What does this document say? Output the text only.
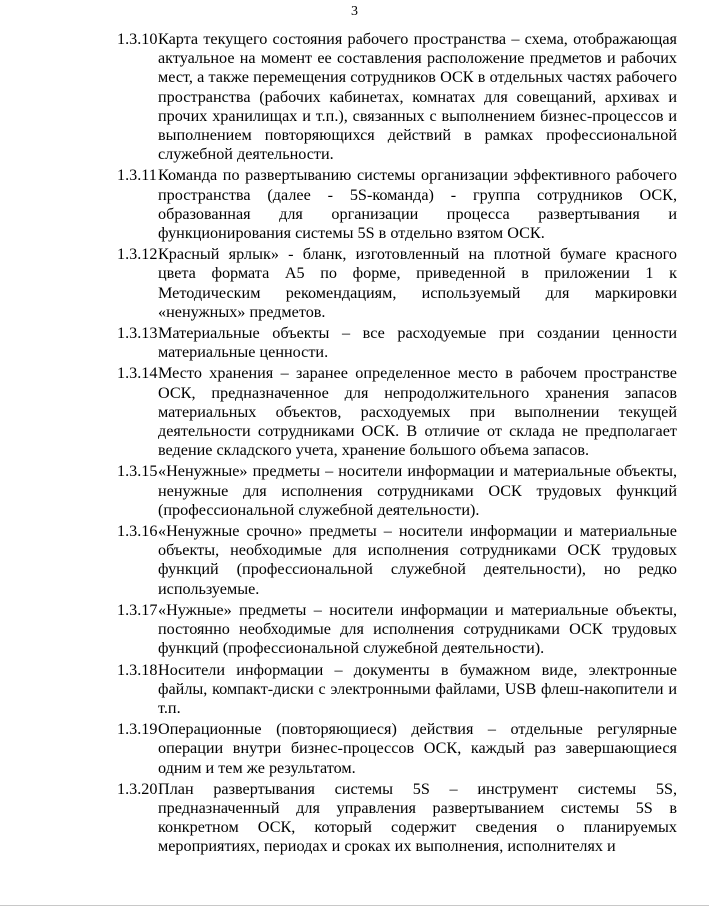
3
1.3.10 Карта текущего состояния рабочего пространства – схема, отображающая актуальное на момент ее составления расположение предметов и рабочих мест, а также перемещения сотрудников ОСК в отдельных частях рабочего пространства (рабочих кабинетах, комнатах для совещаний, архивах и прочих хранилищах и т.п.), связанных с выполнением бизнес-процессов и выполнением повторяющихся действий в рамках профессиональной служебной деятельности.
1.3.11 Команда по развертыванию системы организации эффективного рабочего пространства (далее - 5S-команда) - группа сотрудников ОСК, образованная для организации процесса развертывания и функционирования системы 5S в отдельно взятом ОСК.
1.3.12 Красный ярлык» - бланк, изготовленный на плотной бумаге красного цвета формата А5 по форме, приведенной в приложении 1 к Методическим рекомендациям, используемый для маркировки «ненужных» предметов.
1.3.13 Материальные объекты – все расходуемые при создании ценности материальные ценности.
1.3.14 Место хранения – заранее определенное место в рабочем пространстве ОСК, предназначенное для непродолжительного хранения запасов материальных объектов, расходуемых при выполнении текущей деятельности сотрудниками ОСК. В отличие от склада не предполагает ведение складского учета, хранение большого объема запасов.
1.3.15 «Ненужные» предметы – носители информации и материальные объекты, ненужные для исполнения сотрудниками ОСК трудовых функций (профессиональной служебной деятельности).
1.3.16 «Ненужные срочно» предметы – носители информации и материальные объекты, необходимые для исполнения сотрудниками ОСК трудовых функций (профессиональной служебной деятельности), но редко используемые.
1.3.17 «Нужные» предметы – носители информации и материальные объекты, постоянно необходимые для исполнения сотрудниками ОСК трудовых функций (профессиональной служебной деятельности).
1.3.18 Носители информации – документы в бумажном виде, электронные файлы, компакт-диски с электронными файлами, USB флеш-накопители и т.п.
1.3.19 Операционные (повторяющиеся) действия – отдельные регулярные операции внутри бизнес-процессов ОСК, каждый раз завершающиеся одним и тем же результатом.
1.3.20 План развертывания системы 5S – инструмент системы 5S, предназначенный для управления развертыванием системы 5S в конкретном ОСК, который содержит сведения о планируемых мероприятиях, периодах и сроках их выполнения, исполнителях и
